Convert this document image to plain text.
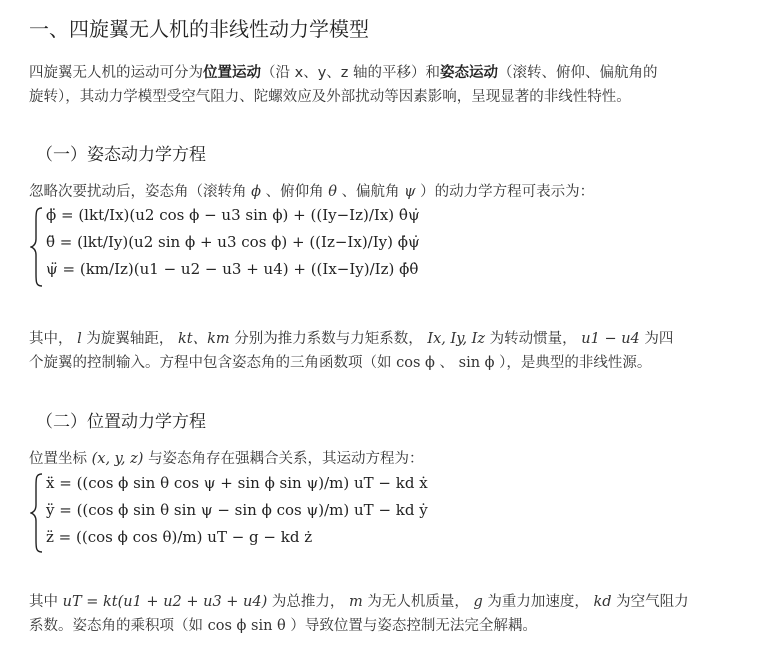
一、四旋翼无人机的非线性动力学模型
四旋翼无人机的运动可分为位置运动（沿 x、y、z 轴的平移）和姿态运动（滚转、俯仰、偏航角的
旋转），其动力学模型受空气阻力、陀螺效应及外部扰动等因素影响，呈现显著的非线性特性。
（一）姿态动力学方程
忽略次要扰动后，姿态角（滚转角 ϕ 、俯仰角 θ 、偏航角 ψ ）的动力学方程可表示为：
ϕ̈ = (lkt/Ix)(u2 cos ϕ − u3 sin ϕ) + ((Iy−Iz)/Ix) θ̇ψ̇
θ̈ = (lkt/Iy)(u2 sin ϕ + u3 cos ϕ) + ((Iz−Ix)/Iy) ϕ̇ψ̇
ψ̈ = (km/Iz)(u1 − u2 − u3 + u4) + ((Ix−Iy)/Iz) ϕ̇θ̇
其中， l 为旋翼轴距， kt、km 分别为推力系数与力矩系数， Ix, Iy, Iz 为转动惯量， u1 − u4 为四
个旋翼的控制输入。方程中包含姿态角的三角函数项（如 cos ϕ 、 sin ϕ ），是典型的非线性源。
（二）位置动力学方程
位置坐标 (x, y, z) 与姿态角存在强耦合关系，其运动方程为：
ẍ = ((cos ϕ sin θ cos ψ + sin ϕ sin ψ)/m) uT − kd ẋ
ÿ = ((cos ϕ sin θ sin ψ − sin ϕ cos ψ)/m) uT − kd ẏ
z̈ = ((cos ϕ cos θ)/m) uT − g − kd ż
其中 uT = kt(u1 + u2 + u3 + u4) 为总推力， m 为无人机质量， g 为重力加速度， kd 为空气阻力
系数。姿态角的乘积项（如 cos ϕ sin θ ）导致位置与姿态控制无法完全解耦。
